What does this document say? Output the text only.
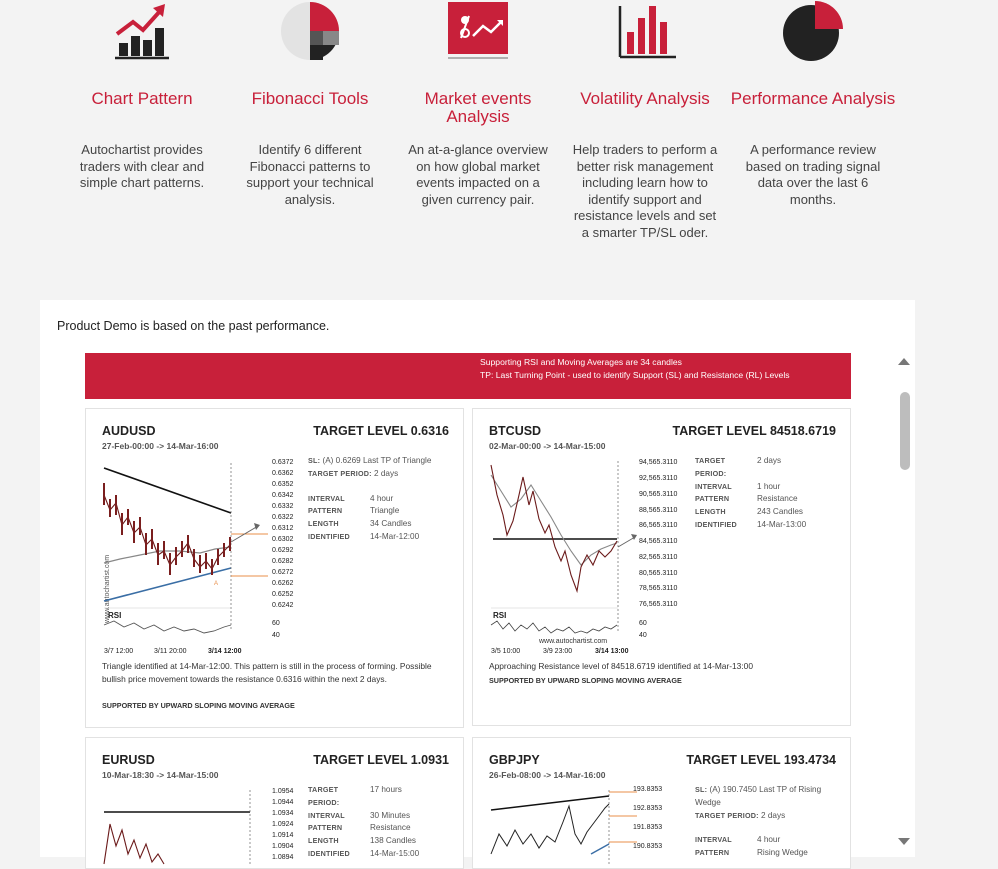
Chart Pattern
Autochartist provides traders with clear and simple chart patterns.
Fibonacci Tools
Identify 6 different Fibonacci patterns to support your technical analysis.
Market events Analysis
An at-a-glance overview on how global market events impacted on a given currency pair.
Volatility Analysis
Help traders to perform a better risk management including learn how to identify support and resistance levels and set a smarter TP/SL oder.
Performance Analysis
A performance review based on trading signal data over the last 6 months.
Product Demo is based on the past performance.
Supporting RSI and Moving Averages are 34 candles
TP: Last Turning Point - used to identify Support (SL) and Resistance (RL) Levels
AUDUSD	TARGET LEVEL 0.6316
27-Feb-00:00 -> 14-Mar-16:00
www.autochartist.com	A
RSI
0.6372
0.6362
0.6352
0.6342
0.6332
0.6322
0.6312
0.6302
0.6292
0.6282
0.6272
0.6262
0.6252
0.6242
60
40
3/7 12:00	3/11 20:00	3/14 12:00
SL: (A) 0.6269 Last TP of Triangle
TARGET PERIOD: 2 days
INTERVAL	4 hour
PATTERN	Triangle
LENGTH	34 Candles
IDENTIFIED	14-Mar-12:00
Triangle identified at 14-Mar-12:00. This pattern is still in the process of forming. Possible bullish price movement towards the resistance 0.6316 within the next 2 days.
SUPPORTED BY UPWARD SLOPING MOVING AVERAGE
BTCUSD	TARGET LEVEL 84518.6719
02-Mar-00:00 -> 14-Mar-15:00
RSI
www.autochartist.com
94,565.3110
92,565.3110
90,565.3110
88,565.3110
86,565.3110
84,565.3110
82,565.3110
80,565.3110
78,565.3110
76,565.3110
60
40
3/5 10:00	3/9 23:00	3/14 13:00
TARGET PERIOD:
2 days
INTERVAL	1 hour
PATTERN	Resistance
LENGTH	243 Candles
IDENTIFIED	14-Mar-13:00
Approaching Resistance level of 84518.6719 identified at 14-Mar-13:00
SUPPORTED BY UPWARD SLOPING MOVING AVERAGE
EURUSD	TARGET LEVEL 1.0931
10-Mar-18:30 -> 14-Mar-15:00
1.0954
1.0944
1.0934
1.0924
1.0914
1.0904
1.0894
TARGET PERIOD:
17 hours
INTERVAL	30 Minutes
PATTERN	Resistance
LENGTH	138 Candles
IDENTIFIED	14-Mar-15:00
GBPJPY	TARGET LEVEL 193.4734
26-Feb-08:00 -> 14-Mar-16:00
193.8353
192.8353
191.8353
190.8353
SL: (A) 190.7450 Last TP of Rising Wedge
TARGET PERIOD: 2 days
INTERVAL	4 hour
PATTERN	Rising Wedge
